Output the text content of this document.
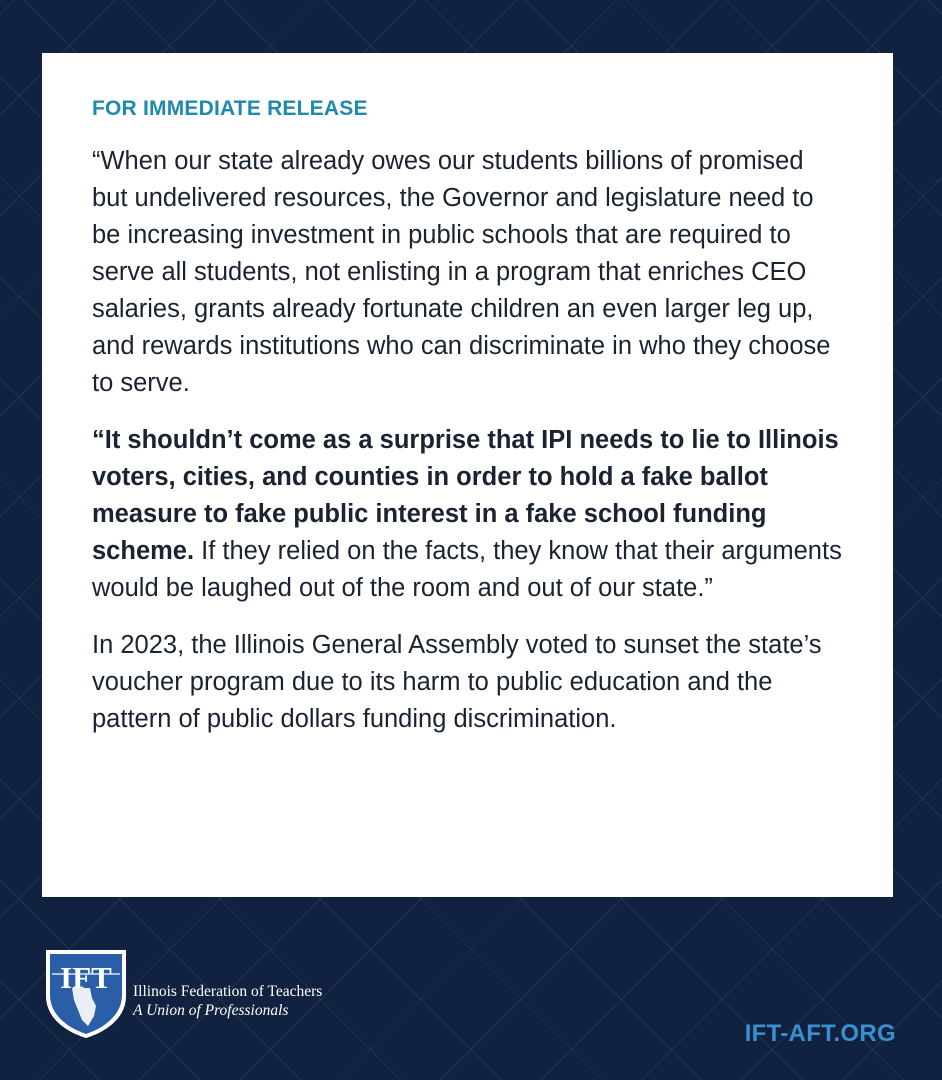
FOR IMMEDIATE RELEASE

“When our state already owes our students billions of promised but undelivered resources, the Governor and legislature need to be increasing investment in public schools that are required to serve all students, not enlisting in a program that enriches CEO salaries, grants already fortunate children an even larger leg up, and rewards institutions who can discriminate in who they choose to serve.

“It shouldn’t come as a surprise that IPI needs to lie to Illinois voters, cities, and counties in order to hold a fake ballot measure to fake public interest in a fake school funding scheme. If they relied on the facts, they know that their arguments would be laughed out of the room and out of our state.”

In 2023, the Illinois General Assembly voted to sunset the state’s voucher program due to its harm to public education and the pattern of public dollars funding discrimination.

IFT Illinois Federation of Teachers
A Union of Professionals
IFT-AFT.ORG
